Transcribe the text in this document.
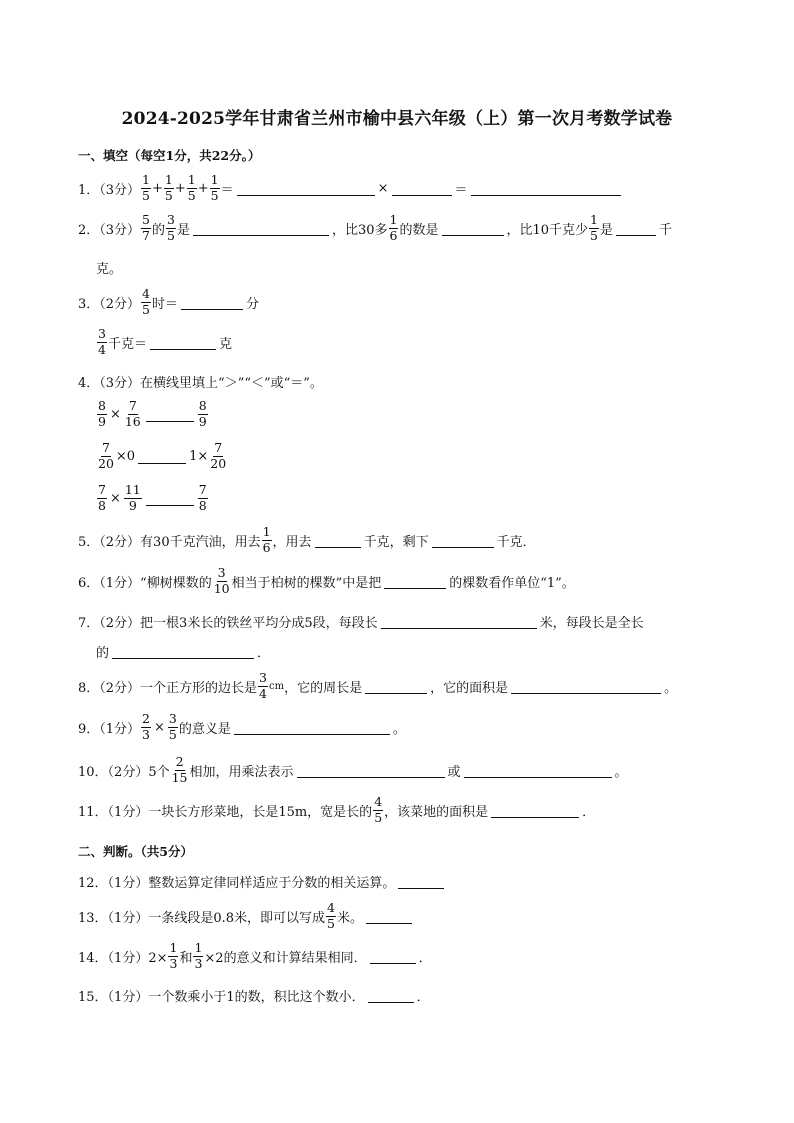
2024-2025学年甘肃省兰州市榆中县六年级（上）第一次月考数学试卷
一、填空（每空1分，共22分。）
1．（3分） $\frac{1}{5} + \frac{1}{5} + \frac{1}{5} + \frac{1}{5}$ ＝	×	＝
2．（3分） $\frac{5}{7}$ 的 $\frac{3}{5}$ 是	，比30多 $\frac{1}{6}$ 的数是	，比10千克少 $\frac{1}{5}$ 是	千
克。
3．（2分） $\frac{4}{5}$ 时＝	分
$\frac{3}{4}$ 千克＝	克
4．（3分）在横线里填上“＞”“＜”或“＝”。
$\frac{8}{9} \times \frac{7}{16}$	$\frac{8}{9}$
$\frac{7}{20} \times 0$	$1\times \frac{7}{20}$
$\frac{7}{8} \times \frac{11}{9}$	$\frac{7}{8}$
5．（2分）有30千克汽油，用去 $\frac{1}{6}$ ，用去	千克，剩下	千克．
6．（1分）“柳树棵数的 $\frac{3}{10}$ 相当于柏树的棵数”中是把	的棵数看作单位“1”。
7．（2分）把一根3米长的铁丝平均分成5段，每段长	米，每段长是全长
的	．
8．（2分）一个正方形的边长是 $\frac{3}{4}$ cm ，它的周长是	，它的面积是	。
9．（1分） $\frac{2}{3} \times \frac{3}{5}$ 的意义是	。
10．（2分）5个 $\frac{2}{15}$ 相加，用乘法表示	或	。
11．（1分）一块长方形菜地，长是15m，宽是长的 $\frac{4}{5}$ ，该菜地的面积是	．
二、判断。（共5分）
12．（1分）整数运算定律同样适应于分数的相关运算。
13．（1分）一条线段是0.8米，即可以写成 $\frac{4}{5}$ 米。
14．（1分）$2\times \frac{1}{3}$ 和 $\frac{1}{3} \times 2$的意义和计算结果相同．	．
15．（1分）一个数乘小于1的数，积比这个数小．	．
